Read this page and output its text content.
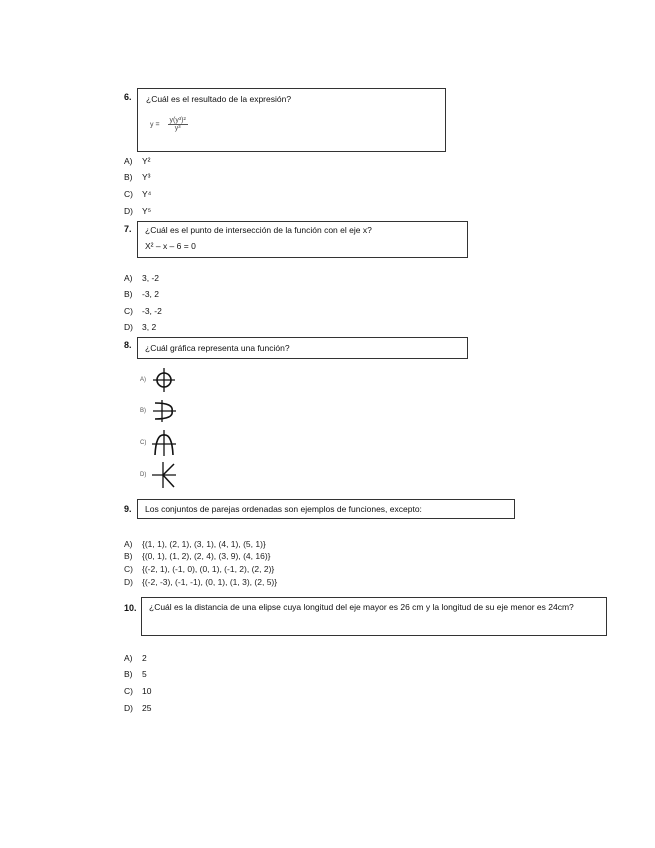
6. ¿Cuál es el resultado de la expresión?
$y = \frac{\text{y(y³)²}}{\text{y³}}$
A) Y²
B) Y³
C) Y⁴
D) Y⁵
7. ¿Cuál es el punto de intersección de la función con el eje x?
X² – x – 6 = 0
A) 3, -2
B) -3, 2
C) -3, -2
D) 3, 2
8. ¿Cuál gráfica representa una función?
A)
B)
C)
D)
9. Los conjuntos de parejas ordenadas son ejemplos de funciones, excepto:
A) {(1, 1), (2, 1), (3, 1), (4, 1), (5, 1)}
B) {(0, 1), (1, 2), (2, 4), (3, 9), (4, 16)}
C) {(-2, 1), (-1, 0), (0, 1), (-1, 2), (2, 2)}
D) {(-2, -3), (-1, -1), (0, 1), (1, 3), (2, 5)}
10. ¿Cuál es la distancia de una elipse cuya longitud del eje mayor es 26 cm y la longitud de su eje menor es 24cm?
A) 2
B) 5
C) 10
D) 25
